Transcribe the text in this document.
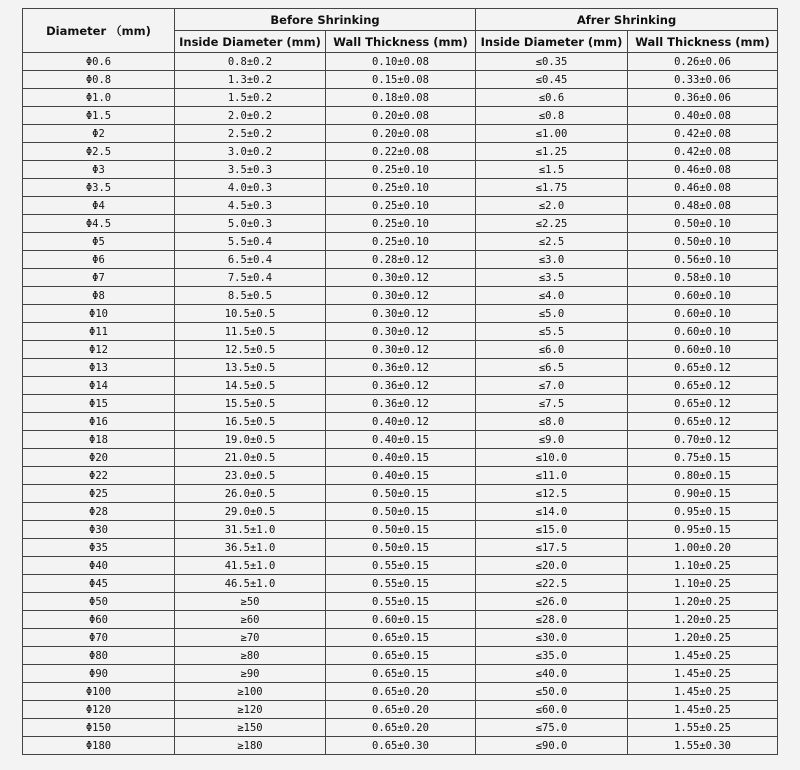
Diameter （mm)	Before Shrinking		Afrer Shrinking	
	Inside Diameter (mm)	Wall Thickness (mm)	Inside Diameter (mm)	Wall Thickness (mm)
Φ0.6	0.8±0.2	0.10±0.08	≤0.35	0.26±0.06
Φ0.8	1.3±0.2	0.15±0.08	≤0.45	0.33±0.06
Φ1.0	1.5±0.2	0.18±0.08	≤0.6	0.36±0.06
Φ1.5	2.0±0.2	0.20±0.08	≤0.8	0.40±0.08
Φ2	2.5±0.2	0.20±0.08	≤1.00	0.42±0.08
Φ2.5	3.0±0.2	0.22±0.08	≤1.25	0.42±0.08
Φ3	3.5±0.3	0.25±0.10	≤1.5	0.46±0.08
Φ3.5	4.0±0.3	0.25±0.10	≤1.75	0.46±0.08
Φ4	4.5±0.3	0.25±0.10	≤2.0	0.48±0.08
Φ4.5	5.0±0.3	0.25±0.10	≤2.25	0.50±0.10
Φ5	5.5±0.4	0.25±0.10	≤2.5	0.50±0.10
Φ6	6.5±0.4	0.28±0.12	≤3.0	0.56±0.10
Φ7	7.5±0.4	0.30±0.12	≤3.5	0.58±0.10
Φ8	8.5±0.5	0.30±0.12	≤4.0	0.60±0.10
Φ10	10.5±0.5	0.30±0.12	≤5.0	0.60±0.10
Φ11	11.5±0.5	0.30±0.12	≤5.5	0.60±0.10
Φ12	12.5±0.5	0.30±0.12	≤6.0	0.60±0.10
Φ13	13.5±0.5	0.36±0.12	≤6.5	0.65±0.12
Φ14	14.5±0.5	0.36±0.12	≤7.0	0.65±0.12
Φ15	15.5±0.5	0.36±0.12	≤7.5	0.65±0.12
Φ16	16.5±0.5	0.40±0.12	≤8.0	0.65±0.12
Φ18	19.0±0.5	0.40±0.15	≤9.0	0.70±0.12
Φ20	21.0±0.5	0.40±0.15	≤10.0	0.75±0.15
Φ22	23.0±0.5	0.40±0.15	≤11.0	0.80±0.15
Φ25	26.0±0.5	0.50±0.15	≤12.5	0.90±0.15
Φ28	29.0±0.5	0.50±0.15	≤14.0	0.95±0.15
Φ30	31.5±1.0	0.50±0.15	≤15.0	0.95±0.15
Φ35	36.5±1.0	0.50±0.15	≤17.5	1.00±0.20
Φ40	41.5±1.0	0.55±0.15	≤20.0	1.10±0.25
Φ45	46.5±1.0	0.55±0.15	≤22.5	1.10±0.25
Φ50	≥50	0.55±0.15	≤26.0	1.20±0.25
Φ60	≥60	0.60±0.15	≤28.0	1.20±0.25
Φ70	≥70	0.65±0.15	≤30.0	1.20±0.25
Φ80	≥80	0.65±0.15	≤35.0	1.45±0.25
Φ90	≥90	0.65±0.15	≤40.0	1.45±0.25
Φ100	≥100	0.65±0.20	≤50.0	1.45±0.25
Φ120	≥120	0.65±0.20	≤60.0	1.45±0.25
Φ150	≥150	0.65±0.20	≤75.0	1.55±0.25
Φ180	≥180	0.65±0.30	≤90.0	1.55±0.30
